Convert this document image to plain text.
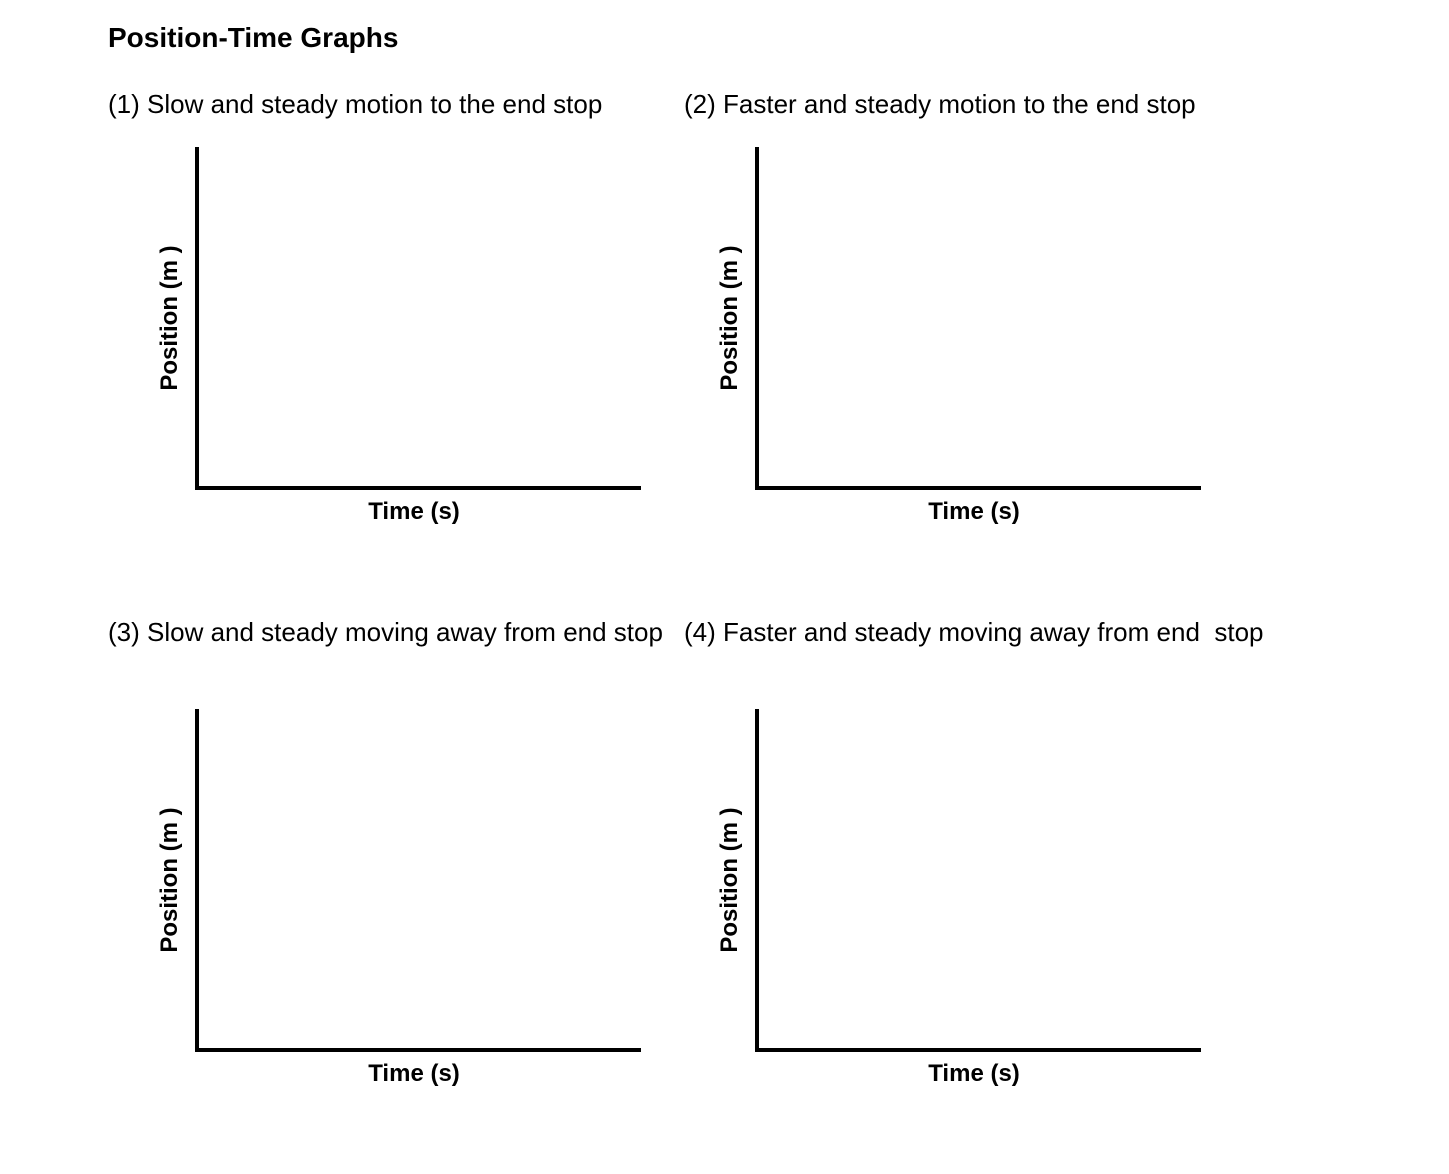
Position-Time Graphs
(1) Slow and steady motion to the end stop
Position (m )
Time (s)
(2) Faster and steady motion to the end stop
Position (m )
Time (s)
(3) Slow and steady moving away from end stop
Position (m )
Time (s)
(4) Faster and steady moving away from end  stop
Position (m )
Time (s)
